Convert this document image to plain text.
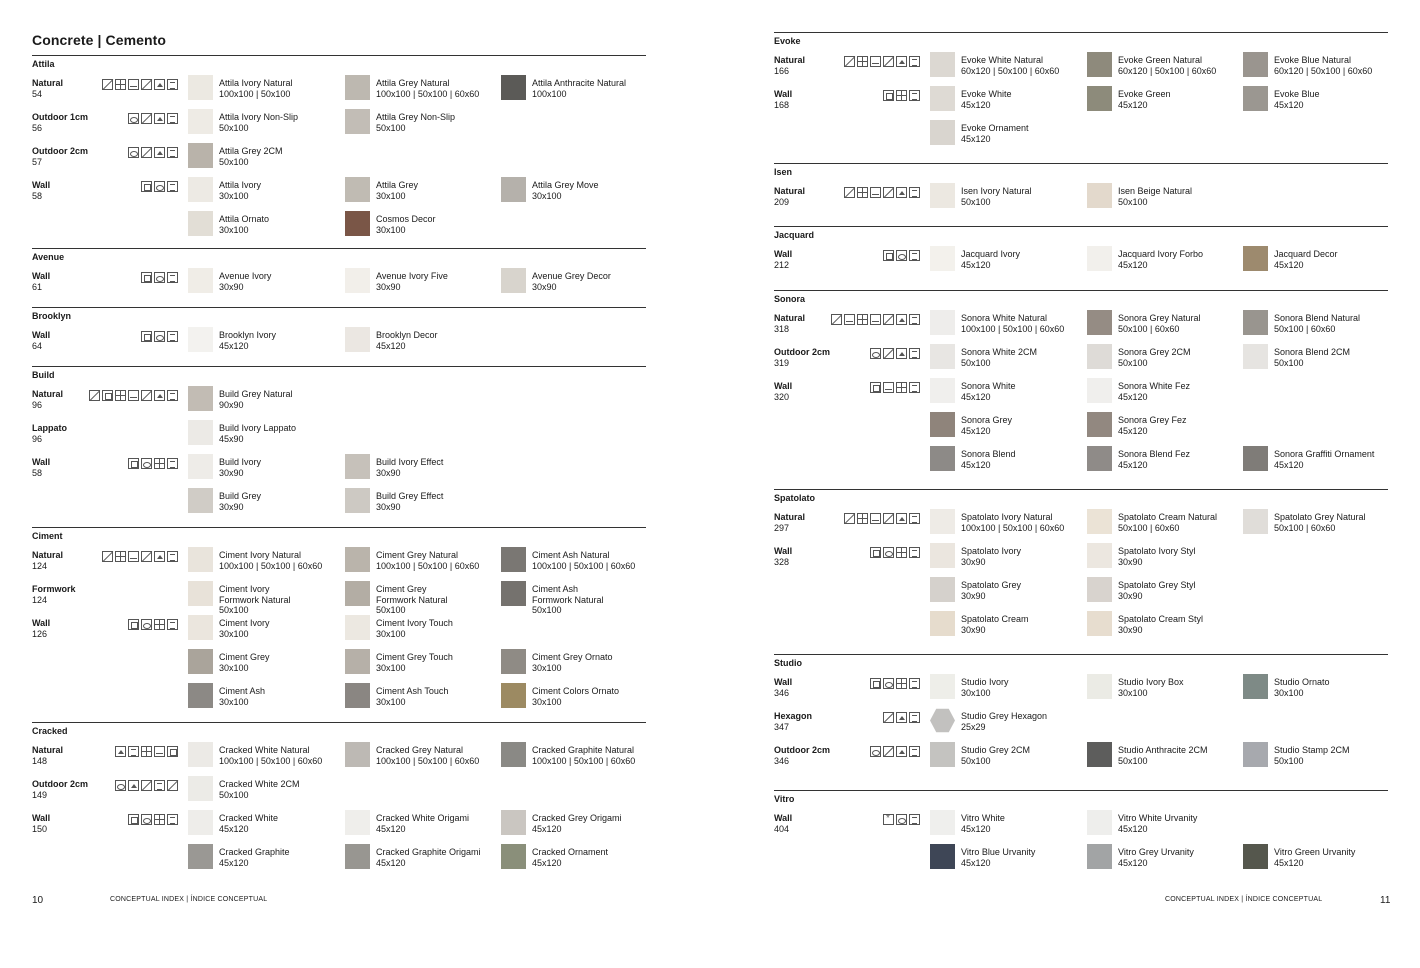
Concrete | Cemento
Attila
Natural
54
Attila Ivory Natural
100x100 | 50x100
Attila Grey Natural
100x100 | 50x100 | 60x60
Attila Anthracite Natural
100x100
Outdoor 1cm
56
Attila Ivory Non-Slip
50x100
Attila Grey Non-Slip
50x100
Outdoor 2cm
57
Attila Grey 2CM
50x100
Wall
58
Attila Ivory
30x100
Attila Grey
30x100
Attila Grey Move
30x100
Attila Ornato
30x100
Cosmos Decor
30x100
Avenue
Wall
61
Avenue Ivory
30x90
Avenue Ivory Five
30x90
Avenue Grey Decor
30x90
Brooklyn
Wall
64
Brooklyn Ivory
45x120
Brooklyn Decor
45x120
Build
Natural
96
Build Grey Natural
90x90
Lappato
96
Build Ivory Lappato
45x90
Wall
58
Build Ivory
30x90
Build Ivory Effect
30x90
Build Grey
30x90
Build Grey Effect
30x90
Ciment
Natural
124
Ciment Ivory Natural
100x100 | 50x100 | 60x60
Ciment Grey Natural
100x100 | 50x100 | 60x60
Ciment Ash Natural
100x100 | 50x100 | 60x60
Formwork
124
Ciment Ivory
Formwork Natural
50x100
Ciment Grey
Formwork Natural
50x100
Ciment Ash
Formwork Natural
50x100
Wall
126
Ciment Ivory
30x100
Ciment Ivory Touch
30x100
Ciment Grey
30x100
Ciment Grey Touch
30x100
Ciment Grey Ornato
30x100
Ciment Ash
30x100
Ciment Ash Touch
30x100
Ciment Colors Ornato
30x100
Cracked
Natural
148
Cracked White Natural
100x100 | 50x100 | 60x60
Cracked Grey Natural
100x100 | 50x100 | 60x60
Cracked Graphite Natural
100x100 | 50x100 | 60x60
Outdoor 2cm
149
Cracked White 2CM
50x100
Wall
150
Cracked White
45x120
Cracked White Origami
45x120
Cracked Grey Origami
45x120
Cracked Graphite
45x120
Cracked Graphite Origami
45x120
Cracked Ornament
45x120
Evoke
Natural
166
Evoke White Natural
60x120 | 50x100 | 60x60
Evoke Green Natural
60x120 | 50x100 | 60x60
Evoke Blue Natural
60x120 | 50x100 | 60x60
Wall
168
Evoke White
45x120
Evoke Green
45x120
Evoke Blue
45x120
Evoke Ornament
45x120
Isen
Natural
209
Isen Ivory Natural
50x100
Isen Beige Natural
50x100
Jacquard
Wall
212
Jacquard Ivory
45x120
Jacquard Ivory Forbo
45x120
Jacquard Decor
45x120
Sonora
Natural
318
Sonora White Natural
100x100 | 50x100 | 60x60
Sonora Grey Natural
50x100 | 60x60
Sonora Blend Natural
50x100 | 60x60
Outdoor 2cm
319
Sonora White 2CM
50x100
Sonora Grey 2CM
50x100
Sonora Blend 2CM
50x100
Wall
320
Sonora White
45x120
Sonora White Fez
45x120
Sonora Grey
45x120
Sonora Grey Fez
45x120
Sonora Blend
45x120
Sonora Blend Fez
45x120
Sonora Graffiti Ornament
45x120
Spatolato
Natural
297
Spatolato Ivory Natural
100x100 | 50x100 | 60x60
Spatolato Cream Natural
50x100 | 60x60
Spatolato Grey Natural
50x100 | 60x60
Wall
328
Spatolato Ivory
30x90
Spatolato Ivory Styl
30x90
Spatolato Grey
30x90
Spatolato Grey Styl
30x90
Spatolato Cream
30x90
Spatolato Cream Styl
30x90
Studio
Wall
346
Studio Ivory
30x100
Studio Ivory Box
30x100
Studio Ornato
30x100
Hexagon
347
Studio Grey Hexagon
25x29
Outdoor 2cm
346
Studio Grey 2CM
50x100
Studio Anthracite 2CM
50x100
Studio Stamp 2CM
50x100
Vitro
Wall
404
*
Vitro White
45x120
Vitro White Urvanity
45x120
Vitro Blue Urvanity
45x120
Vitro Grey Urvanity
45x120
Vitro Green Urvanity
45x120
CONCEPTUAL INDEX | ÍNDICE CONCEPTUAL	CONCEPTUAL INDEX | ÍNDICE CONCEPTUAL
10	11
